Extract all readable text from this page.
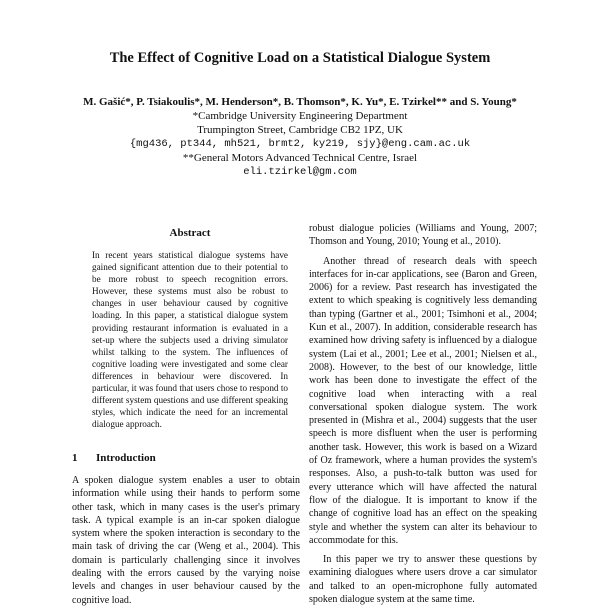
The Effect of Cognitive Load on a Statistical Dialogue System
M. Gašić*, P. Tsiakoulis*, M. Henderson*, B. Thomson*, K. Yu*, E. Tzirkel** and S. Young*
*Cambridge University Engineering Department
Trumpington Street, Cambridge CB2 1PZ, UK
{mg436, pt344, mh521, brmt2, ky219, sjy}@eng.cam.ac.uk
**General Motors Advanced Technical Centre, Israel
eli.tzirkel@gm.com
Abstract
In recent years statistical dialogue systems have gained significant attention due to their potential to be more robust to speech recognition errors. However, these systems must also be robust to changes in user behaviour caused by cognitive loading. In this paper, a statistical dialogue system providing restaurant information is evaluated in a set-up where the subjects used a driving simulator whilst talking to the system. The influences of cognitive loading were investigated and some clear differences in behaviour were discovered. In particular, it was found that users chose to respond to different system questions and use different speaking styles, which indicate the need for an incremental dialogue approach.
1 Introduction

A spoken dialogue system enables a user to obtain information while using their hands to perform some other task, which in many cases is the user's primary task. A typical example is an in-car spoken dialogue system where the spoken interaction is secondary to the main task of driving the car (Weng et al., 2004). This domain is particularly challenging since it involves dealing with the errors caused by the varying noise levels and changes in user behaviour caused by the cognitive load.

robust dialogue policies (Williams and Young, 2007; Thomson and Young, 2010; Young et al., 2010).

Another thread of research deals with speech interfaces for in-car applications, see (Baron and Green, 2006) for a review. Past research has investigated the extent to which speaking is cognitively less demanding than typing (Gartner et al., 2001; Tsimhoni et al., 2004; Kun et al., 2007). In addition, considerable research has examined how driving safety is influenced by a dialogue system (Lai et al., 2001; Lee et al., 2001; Nielsen et al., 2008). However, to the best of our knowledge, little work has been done to investigate the effect of the cognitive load when interacting with a real conversational spoken dialogue system. The work presented in (Mishra et al., 2004) suggests that the user speech is more disfluent when the user is performing another task. However, this work is based on a Wizard of Oz framework, where a human provides the system's responses. Also, a push-to-talk button was used for every utterance which will have affected the natural flow of the dialogue. It is important to know if the change of cognitive load has an effect on the speaking style and whether the system can alter its behaviour to accommodate for this.

In this paper we try to answer these questions by examining dialogues where users drove a car simulator and talked to an open-microphone fully automated spoken dialogue system at the same time.
